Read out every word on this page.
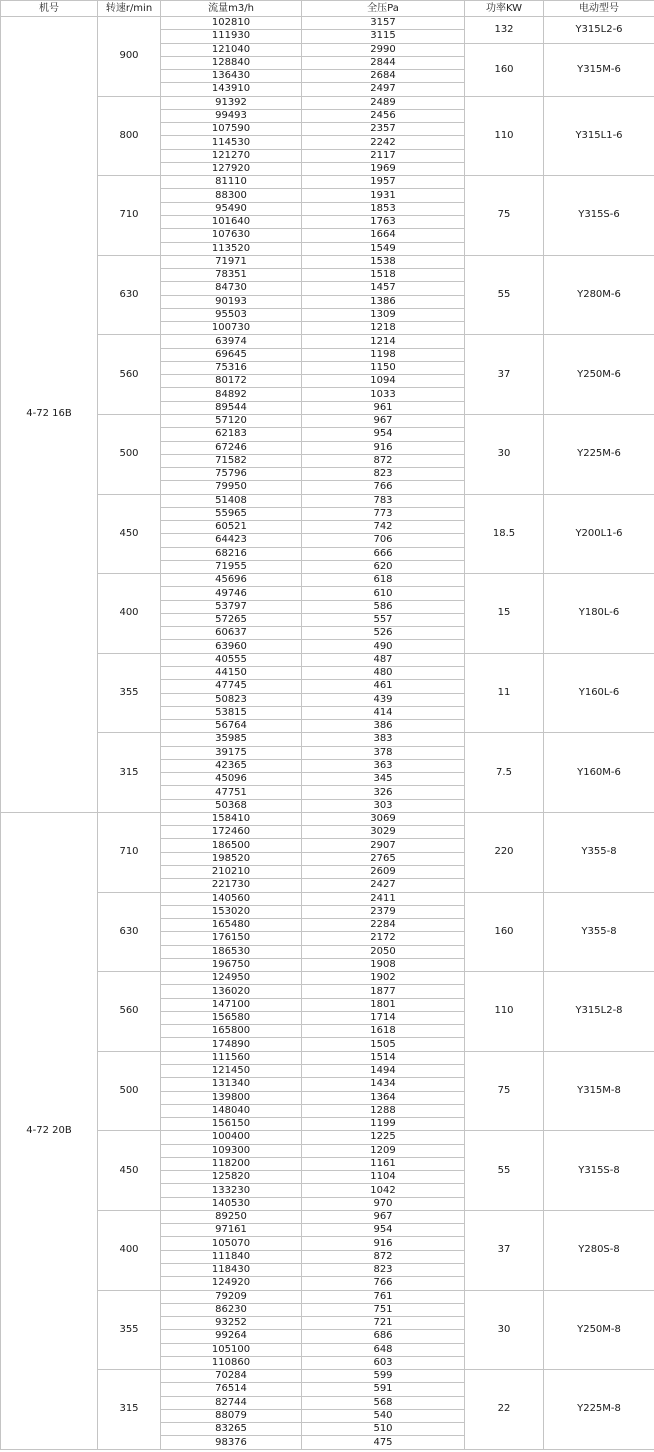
机号	转速r/min	流量m3/h	全压Pa	功率KW	电动型号
4-72 16B	900	102810	3157	132	Y315L2-6
		111930	3115		
		121040	2990	160	Y315M-6
		128840	2844		
		136430	2684		
		143910	2497		
	800	91392	2489	110	Y315L1-6
		99493	2456		
		107590	2357		
		114530	2242		
		121270	2117		
		127920	1969		
	710	81110	1957	75	Y315S-6
		88300	1931		
		95490	1853		
		101640	1763		
		107630	1664		
		113520	1549		
	630	71971	1538	55	Y280M-6
		78351	1518		
		84730	1457		
		90193	1386		
		95503	1309		
		100730	1218		
	560	63974	1214	37	Y250M-6
		69645	1198		
		75316	1150		
		80172	1094		
		84892	1033		
		89544	961		
	500	57120	967	30	Y225M-6
		62183	954		
		67246	916		
		71582	872		
		75796	823		
		79950	766		
	450	51408	783	18.5	Y200L1-6
		55965	773		
		60521	742		
		64423	706		
		68216	666		
		71955	620		
	400	45696	618	15	Y180L-6
		49746	610		
		53797	586		
		57265	557		
		60637	526		
		63960	490		
	355	40555	487	11	Y160L-6
		44150	480		
		47745	461		
		50823	439		
		53815	414		
		56764	386		
	315	35985	383	7.5	Y160M-6
		39175	378		
		42365	363		
		45096	345		
		47751	326		
		50368	303		
4-72 20B	710	158410	3069	220	Y355-8
		172460	3029		
		186500	2907		
		198520	2765		
		210210	2609		
		221730	2427		
	630	140560	2411	160	Y355-8
		153020	2379		
		165480	2284		
		176150	2172		
		186530	2050		
		196750	1908		
	560	124950	1902	110	Y315L2-8
		136020	1877		
		147100	1801		
		156580	1714		
		165800	1618		
		174890	1505		
	500	111560	1514	75	Y315M-8
		121450	1494		
		131340	1434		
		139800	1364		
		148040	1288		
		156150	1199		
	450	100400	1225	55	Y315S-8
		109300	1209		
		118200	1161		
		125820	1104		
		133230	1042		
		140530	970		
	400	89250	967	37	Y280S-8
		97161	954		
		105070	916		
		111840	872		
		118430	823		
		124920	766		
	355	79209	761	30	Y250M-8
		86230	751		
		93252	721		
		99264	686		
		105100	648		
		110860	603		
	315	70284	599	22	Y225M-8
		76514	591		
		82744	568		
		88079	540		
		83265	510		
		98376	475		
